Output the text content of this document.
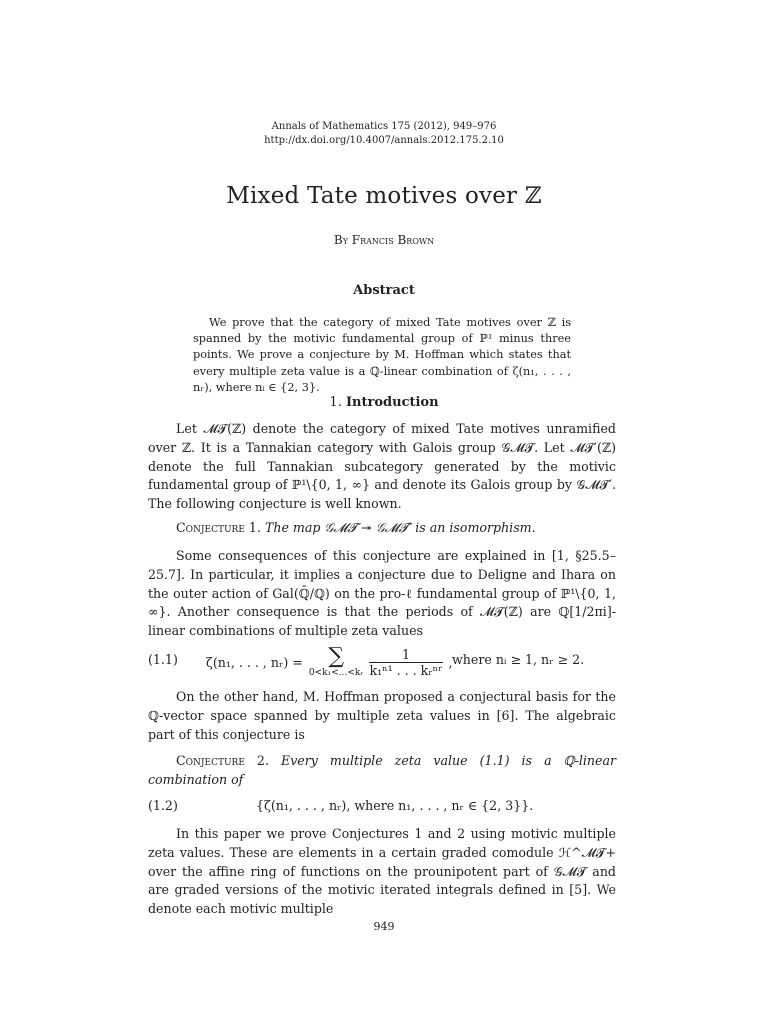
Annals of Mathematics 175 (2012), 949–976
http://dx.doi.org/10.4007/annals.2012.175.2.10
Mixed Tate motives over ℤ
By Francis Brown
Abstract

We prove that the category of mixed Tate motives over ℤ is spanned by the motivic fundamental group of ℙ¹ minus three points. We prove a conjecture by M. Hoffman which states that every multiple zeta value is a ℚ-linear combination of ζ(n₁, . . . , nᵣ), where nᵢ ∈ {2, 3}.

1. Introduction

Let 𝓜𝓣(ℤ) denote the category of mixed Tate motives unramified over ℤ. It is a Tannakian category with Galois group 𝒢𝓜𝓣. Let 𝓜𝓣′(ℤ) denote the full Tannakian subcategory generated by the motivic fundamental group of ℙ¹\{0, 1, ∞} and denote its Galois group by 𝒢𝓜𝓣′. The following conjecture is well known.

Conjecture 1. The map 𝒢𝓜𝓣 ↠ 𝒢𝓜𝓣′ is an isomorphism.

Some consequences of this conjecture are explained in [1, §25.5–25.7]. In particular, it implies a conjecture due to Deligne and Ihara on the outer action of Gal(ℚ̄/ℚ) on the pro-ℓ fundamental group of ℙ¹\{0, 1, ∞}. Another consequence is that the periods of 𝓜𝓣(ℤ) are ℚ[1/2πi]-linear combinations of multiple zeta values

(1.1) ζ(n₁, . . . , nᵣ) =	∑
0<k₁<...<kᵣ $\frac{1}{\text{k₁ⁿ¹ . . . kᵣⁿʳ}}$ , where nᵢ ≥ 1, nᵣ ≥ 2.

On the other hand, M. Hoffman proposed a conjectural basis for the ℚ-vector space spanned by multiple zeta values in [6]. The algebraic part of this conjecture is

Conjecture 2. Every multiple zeta value (1.1) is a ℚ-linear combination of

(1.2)	{ζ(n₁, . . . , nᵣ), where n₁, . . . , nᵣ ∈ {2, 3}}.

In this paper we prove Conjectures 1 and 2 using motivic multiple zeta values. These are elements in a certain graded comodule ℋ^𝓜𝓣+ over the affine ring of functions on the prounipotent part of 𝒢𝓜𝓣 and are graded versions of the motivic iterated integrals defined in [5]. We denote each motivic multiple

949
